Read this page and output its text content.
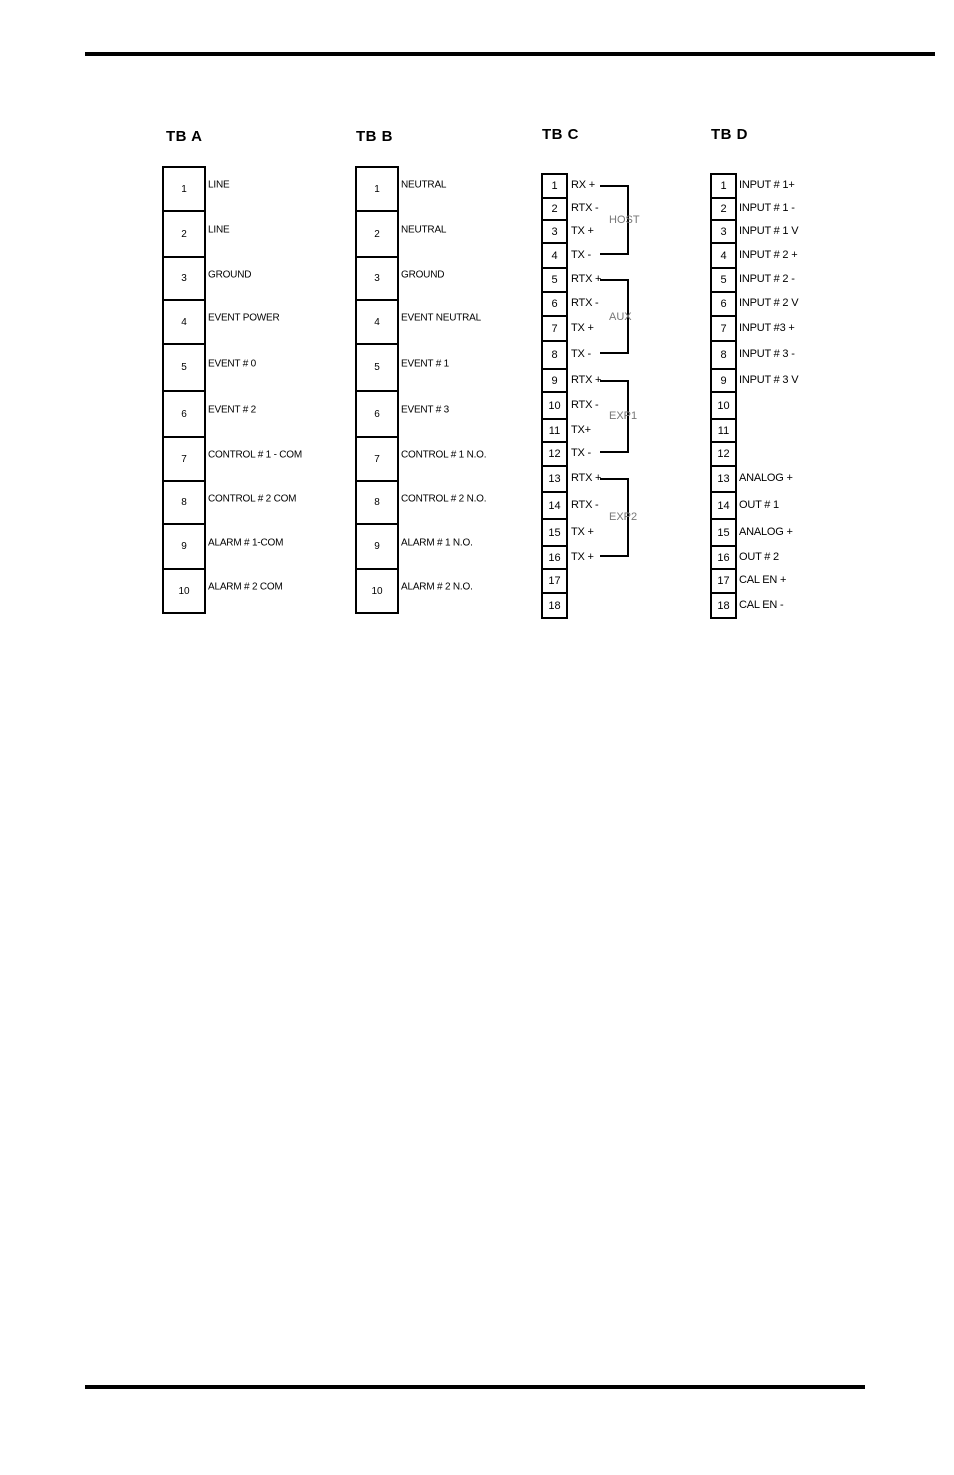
TB A	TB B	TB C	TB D
1	LINE
2	LINE
3	GROUND
4	EVENT POWER
5	EVENT # 0
6	EVENT # 2
7	CONTROL # 1 - COM
8	CONTROL # 2 COM
9	ALARM # 1-COM
10	ALARM # 2 COM
1	NEUTRAL
2	NEUTRAL
3	GROUND
4	EVENT NEUTRAL
5	EVENT # 1
6	EVENT # 3
7	CONTROL # 1 N.O.
8	CONTROL # 2 N.O.
9	ALARM # 1 N.O.
10	ALARM # 2 N.O.
1	RX +
2	RTX -
3	TX +
4	TX -
5	RTX +
6	RTX -
7	TX +
8	TX -
9	RTX +
10 RTX -
11 TX+
12 TX -
13 RTX +
14 RTX -
15 TX +
16 TX +
17
18
1	INPUT # 1+
2	INPUT # 1 -
3	INPUT # 1 V
4	INPUT # 2 +
5	INPUT # 2 -
6	INPUT # 2 V
7	INPUT #3 +
8	INPUT # 3 -
9	INPUT # 3 V
10
11
12
13 ANALOG +
14 OUT # 1
15 ANALOG +
16 OUT # 2
17 CAL EN +
18 CAL EN -
HOST
AUX
EXP1
EXP2
